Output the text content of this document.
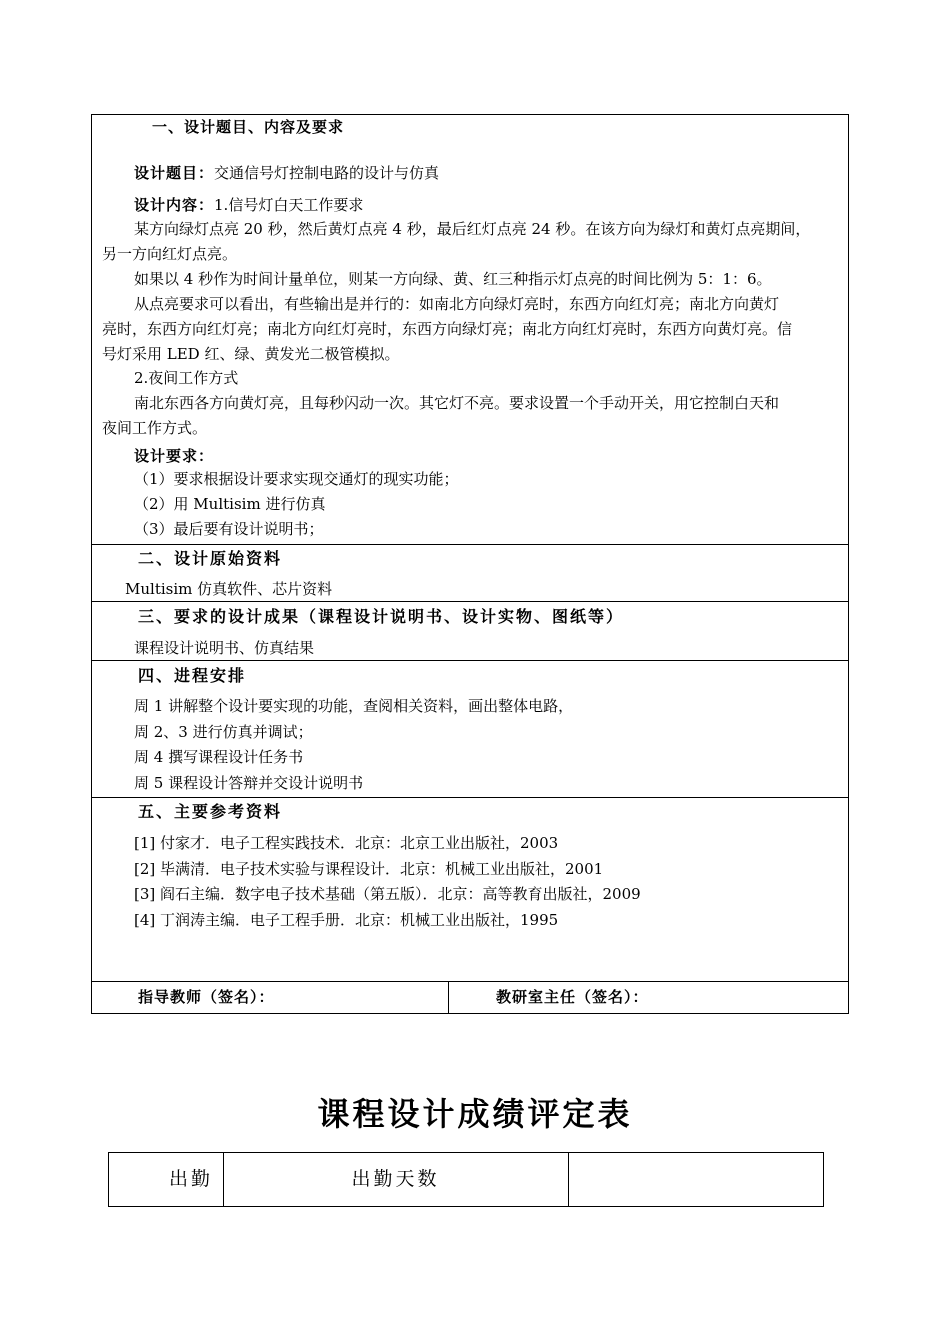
一、设计题目、内容及要求
设计题目：交通信号灯控制电路的设计与仿真
设计内容：1.信号灯白天工作要求
某方向绿灯点亮 20 秒，然后黄灯点亮 4 秒，最后红灯点亮 24 秒。在该方向为绿灯和黄灯点亮期间，
另一方向红灯点亮。
如果以 4 秒作为时间计量单位，则某一方向绿、黄、红三种指示灯点亮的时间比例为 5：1：6。
从点亮要求可以看出，有些输出是并行的：如南北方向绿灯亮时，东西方向红灯亮；南北方向黄灯
亮时，东西方向红灯亮；南北方向红灯亮时，东西方向绿灯亮；南北方向红灯亮时，东西方向黄灯亮。信
号灯采用 LED 红、绿、黄发光二极管模拟。
2.夜间工作方式
南北东西各方向黄灯亮，且每秒闪动一次。其它灯不亮。要求设置一个手动开关，用它控制白天和
夜间工作方式。
设计要求：
（1）要求根据设计要求实现交通灯的现实功能；
（2）用 Multisim 进行仿真
（3）最后要有设计说明书；
二、设计原始资料
Multisim 仿真软件、芯片资料
三、要求的设计成果（课程设计说明书、设计实物、图纸等）
课程设计说明书、仿真结果
四、进程安排
周 1 讲解整个设计要实现的功能，查阅相关资料，画出整体电路，
周 2、3 进行仿真并调试；
周 4 撰写课程设计任务书
周 5 课程设计答辩并交设计说明书
五、主要参考资料
[1] 付家才．电子工程实践技术．北京：北京工业出版社，2003
[2] 毕满清．电子技术实验与课程设计．北京：机械工业出版社，2001
[3] 阎石主编．数字电子技术基础（第五版）．北京：高等教育出版社，2009
[4] 丁润涛主编．电子工程手册．北京：机械工业出版社，1995
指导教师（签名）：	教研室主任（签名）：
课程设计成绩评定表
出勤	出勤天数
